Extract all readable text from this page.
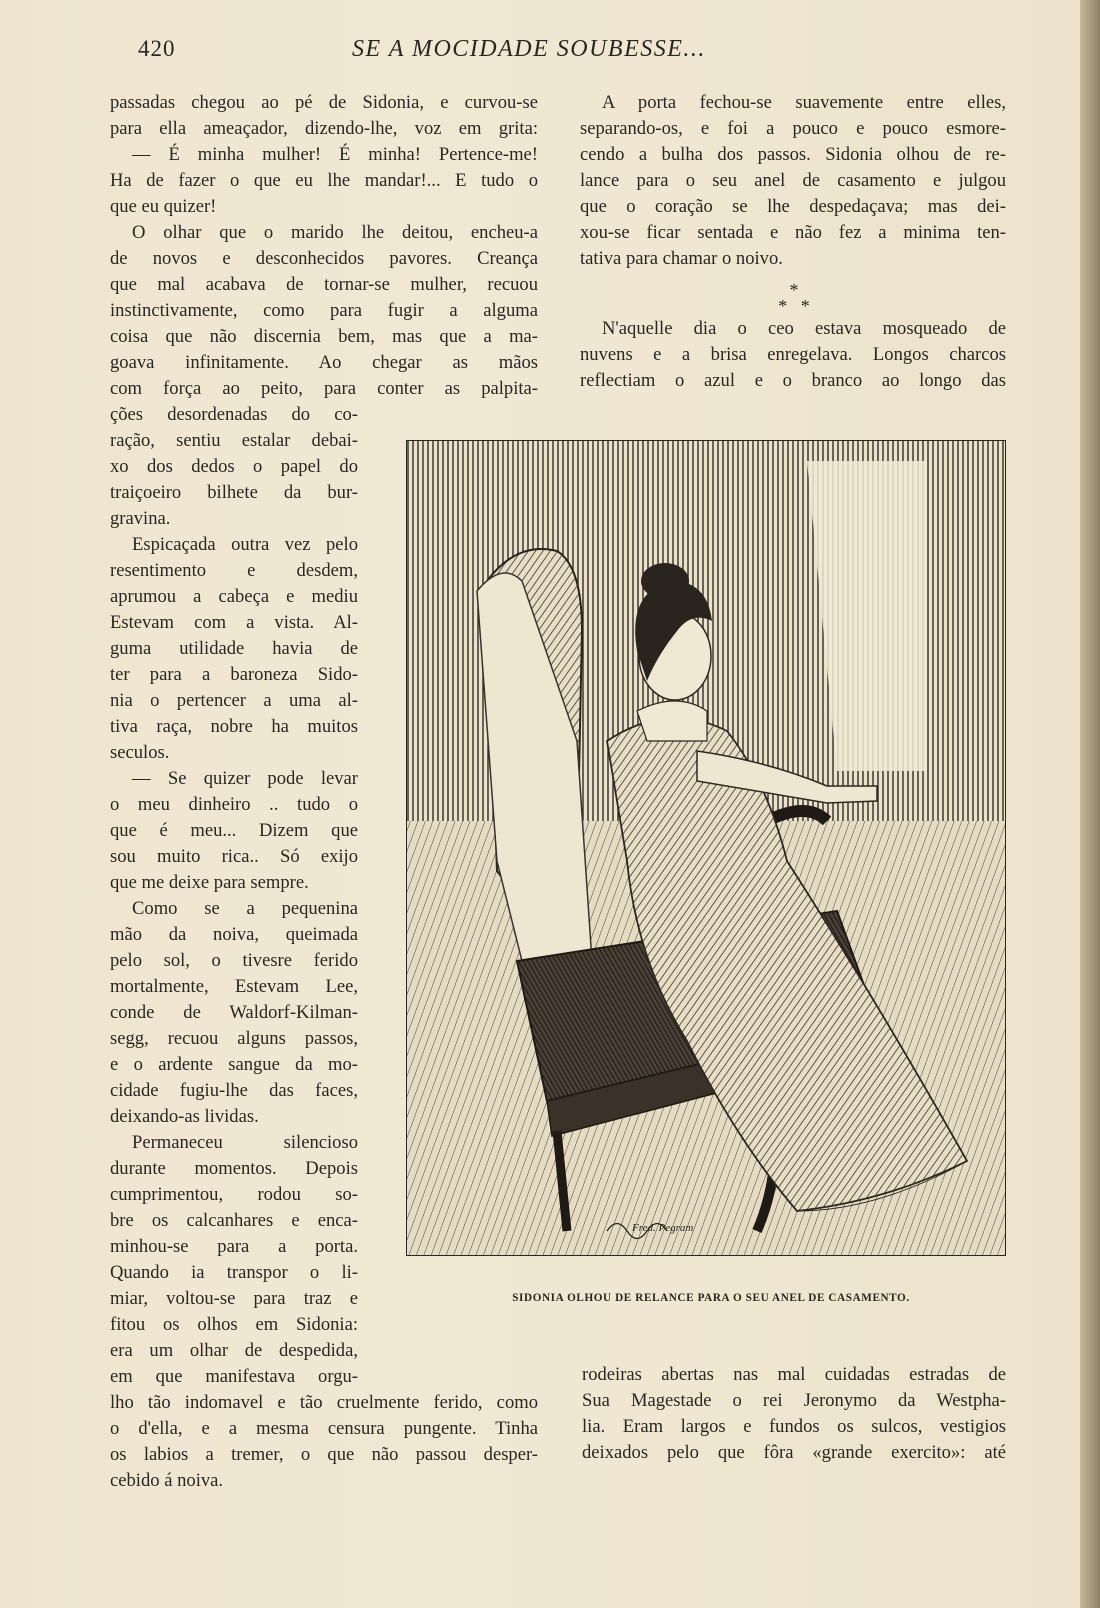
420	SE A MOCIDADE SOUBESSE...
passadas chegou ao pé de Sidonia, e curvou-se
para ella ameaçador, dizendo-lhe, voz em grita:
— É minha mulher! É minha! Pertence-me!
Ha de fazer o que eu lhe mandar!... E tudo o
que eu quizer!
O olhar que o marido lhe deitou, encheu-a
de novos e desconhecidos pavores. Creança
que mal acabava de tornar-se mulher, recuou
instinctivamente, como para fugir a alguma
coisa que não discernia bem, mas que a ma-
goava infinitamente. Ao chegar as mãos
com força ao peito, para conter as palpita-
ções desordenadas do co-
ração, sentiu estalar debai-
xo dos dedos o papel do
traiçoeiro bilhete da bur-
gravina.
Espicaçada outra vez pelo
resentimento e desdem,
aprumou a cabeça e mediu
Estevam com a vista. Al-
guma utilidade havia de
ter para a baroneza Sido-
nia o pertencer a uma al-
tiva raça, nobre ha muitos
seculos.
— Se quizer pode levar
o meu dinheiro .. tudo o
que é meu... Dizem que
sou muito rica.. Só exijo
que me deixe para sempre.
Como se a pequenina
mão da noiva, queimada
pelo sol, o tivesre ferido
mortalmente, Estevam Lee,
conde de Waldorf-Kilman-
segg, recuou alguns passos,
e o ardente sangue da mo-
cidade fugiu-lhe das faces,
deixando-as lividas.
Permaneceu silencioso
durante momentos. Depois
cumprimentou, rodou so-
bre os calcanhares e enca-
minhou-se para a porta.
Quando ia transpor o li-
miar, voltou-se para traz e
fitou os olhos em Sidonia:
era um olhar de despedida,
em que manifestava orgu-
lho tão indomavel e tão cruelmente ferido, como
o d'ella, e a mesma censura pungente. Tinha
os labios a tremer, o que não passou desper-
cebido á noiva.
A porta fechou-se suavemente entre elles,
separando-os, e foi a pouco e pouco esmore-
cendo a bulha dos passos. Sidonia olhou de re-
lance para o seu anel de casamento e julgou
que o coração se lhe despedaçava; mas dei-
xou-se ficar sentada e não fez a minima ten-
tativa para chamar o noivo.
*
*   *
N'aquelle dia o ceo estava mosqueado de
nuvens e a brisa enregelava. Longos charcos
reflectiam o azul e o branco ao longo das
Fred. Pegram
SIDONIA OLHOU DE RELANCE PARA O SEU ANEL DE CASAMENTO.
rodeiras abertas nas mal cuidadas estradas de
Sua Magestade o rei Jeronymo da Westpha-
lia. Eram largos e fundos os sulcos, vestigios
deixados pelo que fôra «grande exercito»: até
